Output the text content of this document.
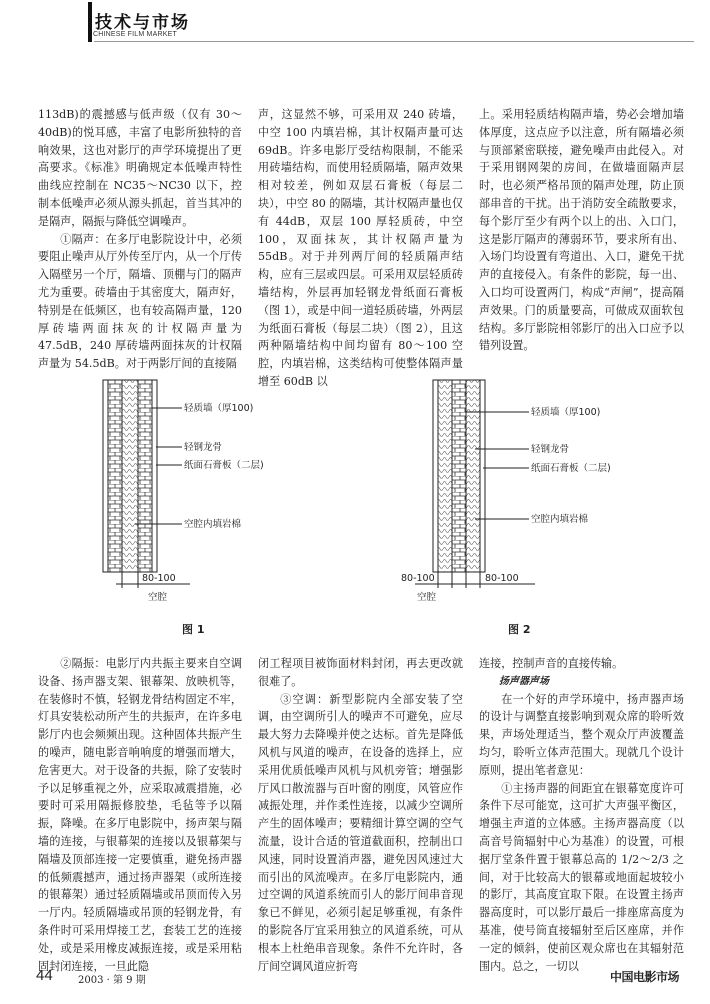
技术与市场
CHINESE FILM MARKET

113dB)的震撼感与低声级（仅有 30～40dB)的悦耳感，丰富了电影所独特的音响效果，这也对影厅的声学环境提出了更高要求。《标准》明确规定本低噪声特性曲线应控制在 NC35～NC30 以下，控制本低噪声必须从源头抓起，首当其冲的是隔声，隔振与降低空调噪声。

①隔声：在多厅电影院设计中，必须要阻止噪声从厅外传至厅内，从一个厅传入隔壁另一个厅，隔墙、顶棚与门的隔声尤为重要。砖墙由于其密度大，隔声好，特别是在低频区，也有较高隔声量，120 厚砖墙两面抹灰的计权隔声量为 47.5dB，240 厚砖墙两面抹灰的计权隔声量为 54.5dB。对于两影厅间的直接隔

声，这显然不够，可采用双 240 砖墙，中空 100 内填岩棉，其计权隔声量可达 69dB。许多电影厅受结构限制，不能采用砖墙结构，而使用轻质隔墙，隔声效果相对较差，例如双层石膏板（每层二块），中空 80 的隔墙，其计权隔声量也仅有 44dB，双层 100 厚轻质砖，中空 100，双面抹灰，其计权隔声量为 55dB。对于并列两厅间的轻质隔声结构，应有三层或四层。可采用双层轻质砖墙结构，外层再加轻钢龙骨纸面石膏板（图 1），或是中间一道轻质砖墙，外两层为纸面石膏板（每层二块）（图 2），且这两种隔墙结构中间均留有 80～100 空腔，内填岩棉，这类结构可使整体隔声量增至 60dB 以

上。采用轻质结构隔声墙，势必会增加墙体厚度，这点应予以注意，所有隔墙必须与顶部紧密联接，避免噪声由此侵入。对于采用钢网架的房间，在做墙面隔声层时，也必须严格吊顶的隔声处理，防止顶部串音的干扰。出于消防安全疏散要求，每个影厅至少有两个以上的出、入口门，这是影厅隔声的薄弱环节，要求所有出、入场门均设置有弯道出、入口，避免干扰声的直接侵入。有条件的影院，每一出、入口均可设置两门，构成“声闸”，提高隔声效果。门的质量要高，可做成双面软包结构。多厅影院相邻影厅的出入口应予以错列设置。

轻质墙（厚100)
轻钢龙骨
纸面石膏板（二层)
空腔内填岩棉
80-100
空腔
图 1
轻质墙（厚100)
轻钢龙骨
纸面石膏板（二层)
空腔内填岩棉
80-100	80-100
空腔
图 2

②隔振：电影厅内共振主要来自空调设备、扬声器支架、银幕架、放映机等，在装修时不慎，轻钢龙骨结构固定不牢，灯具安装松动所产生的共振声，在许多电影厅内也会频频出现。这种固体共振产生的噪声，随电影音响响度的增强而增大，危害更大。对于设备的共振，除了安装时予以足够重视之外，应采取减震措施，必要时可采用隔振修胶垫，毛毡等予以隔振，降噪。在多厅电影院中，扬声架与隔墙的连接，与银幕架的连接以及银幕架与隔墙及顶部连接一定要慎重，避免扬声器的低频震撼声，通过扬声器架（或所连接的银幕架）通过轻质隔墙或吊顶而传入另一厅内。轻质隔墙或吊顶的轻钢龙骨，有条件时可采用焊接工艺，套装工艺的连接处，或是采用橡皮减振连接，或是采用粘固封闭连接，一旦此隐

闭工程项目被饰面材料封闭，再去更改就很难了。

③空调：新型影院内全部安装了空调，由空调所引人的噪声不可避免，应尽最大努力去降噪并使之达标。首先是降低风机与风道的噪声，在设备的选择上，应采用优质低噪声风机与风机旁管；增强影厅风口散流器与百叶窗的刚度，风管应作减振处理，并作柔性连接，以减少空调所产生的固体噪声；要精细计算空调的空气流量，设计合适的管道截面积，控制出口风速，同时设置消声器，避免因风速过大而引出的风流噪声。在多厅电影院内，通过空调的风道系统而引人的影厅间串音现象已不鲜见，必须引起足够重视，有条件的影院各厅宜采用独立的风道系统，可从根本上杜绝串音现象。条件不允许时，各厅间空调风道应折弯

连接，控制声音的直接传输。

扬声器声场

在一个好的声学环境中，扬声器声场的设计与调整直接影响到观众席的聆听效果，声场处理适当，整个观众厅声波覆盖均匀，聆听立体声范围大。现就几个设计原则，提出笔者意见：

①主扬声器的间距宜在银幕宽度许可条件下尽可能宽，这可扩大声强平衡区，增强主声道的立体感。主扬声器高度（以高音号筒辐射中心为基准）的设置，可根据厅堂条件置于银幕总高的 1/2～2/3 之间，对于比较高大的银幕或地面起坡较小的影厅，其高度宜取下限。在设置主扬声器高度时，可以影厅最后一排座席高度为基准，使号筒直接辐射至后区座席，并作一定的倾斜，使前区观众席也在其辐射范围内。总之，一切以

44	2003 · 第 9 期	中国电影市场
